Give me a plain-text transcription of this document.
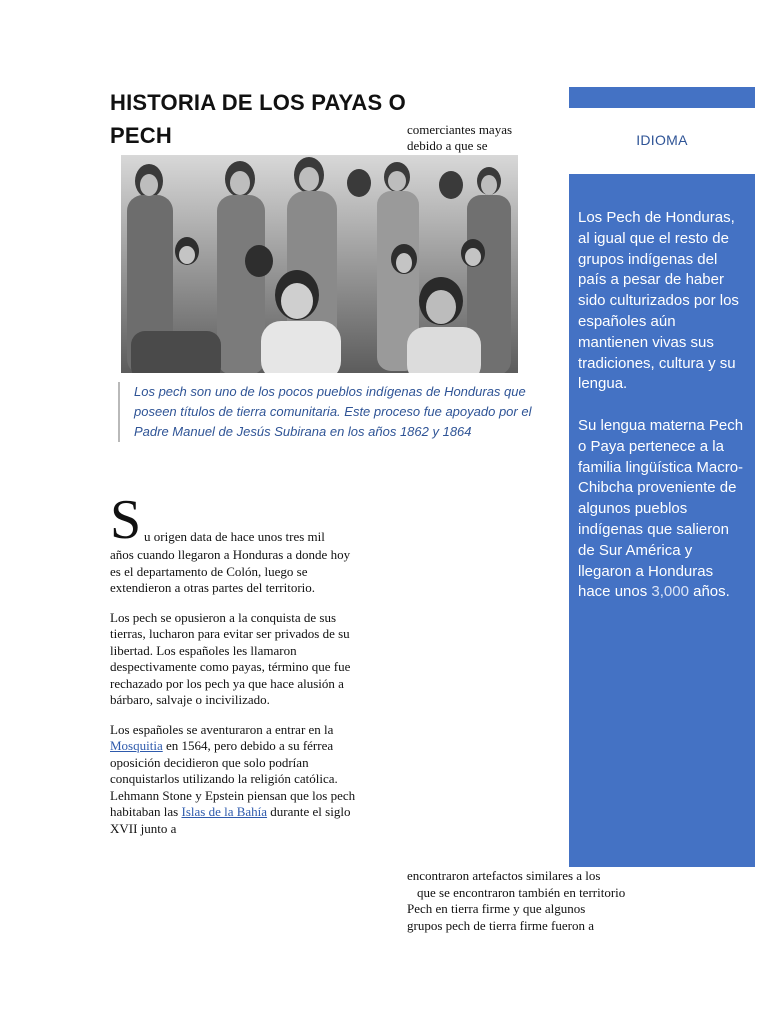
HISTORIA DE LOS PAYAS O PECH	comerciantes mayas
debido a que se	IDIOMA
Los pech son uno de los pocos pueblos indígenas de Honduras que poseen títulos de tierra comunitaria. Este proceso fue apoyado por el Padre Manuel de Jesús Subirana en los años 1862 y 1864
S u origen data de hace unos tres mil

años cuando llegaron a Honduras a donde hoy es el departamento de Colón, luego se extendieron a otras partes del territorio.

Los pech se opusieron a la conquista de sus tierras, lucharon para evitar ser privados de su libertad. Los españoles les llamaron despectivamente como payas, término que fue rechazado por los pech ya que hace alusión a bárbaro, salvaje o incivilizado.

Los españoles se aventuraron a entrar en la Mosquitia en 1564, pero debido a su férrea oposición decidieron que solo podrían conquistarlos utilizando la religión católica.
Lehmann Stone y Epstein piensan que los pech habitaban las Islas de la Bahía durante el siglo XVII junto a
encontraron artefactos similares a los
que se encontraron también en territorio
Pech en tierra firme y que algunos
grupos pech de tierra firme fueron a

Los Pech de Honduras, al igual que el resto de grupos indígenas del país a pesar de haber sido culturizados por los españoles aún mantienen vivas sus tradiciones, cultura y su lengua.

Su lengua materna Pech o Paya pertenece a la familia lingüística Macro-Chibcha proveniente de algunos pueblos indígenas que salieron de Sur América y llegaron a Honduras hace unos 3,000 años.
